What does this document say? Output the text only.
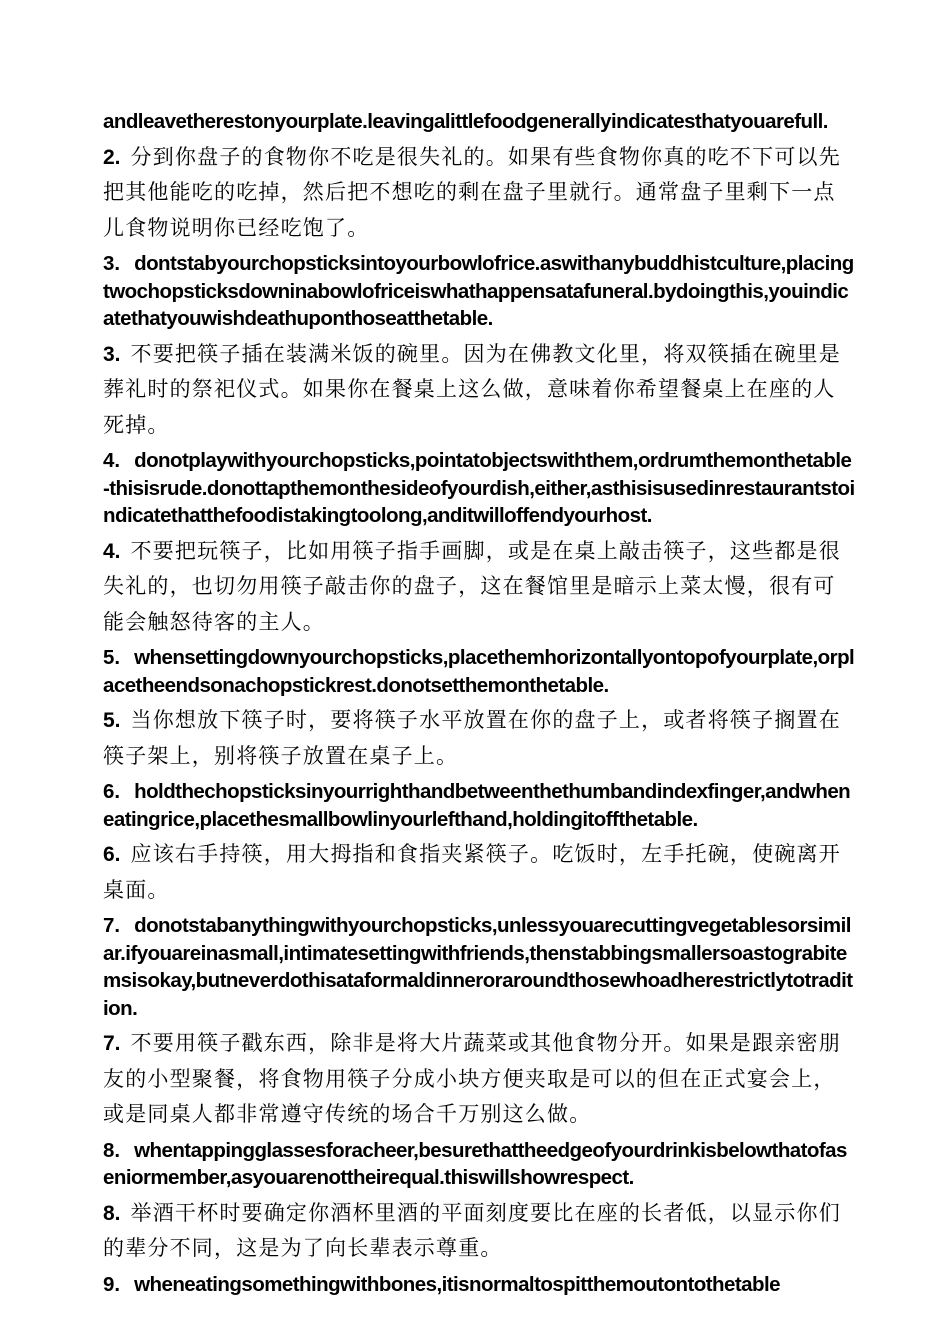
andleavetherestonyourplate.leavingalittlefoodgenerallyindicatesthatyouarefull.

2. 分到你盘子的食物你不吃是很失礼的。如果有些食物你真的吃不下可以先把其他能吃的吃掉，然后把不想吃的剩在盘子里就行。通常盘子里剩下一点儿食物说明你已经吃饱了。

3. dontstabyourchopsticksintoyourbowlofrice.aswithanybuddhistculture,placingtwochopsticksdowninabowlofriceiswhathappensatafuneral.bydoingthis,youindicatethatyouwishdeathuponthoseatthetable.

3. 不要把筷子插在装满米饭的碗里。因为在佛教文化里，将双筷插在碗里是葬礼时的祭祀仪式。如果你在餐桌上这么做，意味着你希望餐桌上在座的人死掉。

4. donotplaywithyourchopsticks,pointatobjectswiththem,ordrumthemonthetable-thisisrude.donottapthemonthesideofyourdish,either,asthisisusedinrestaurantstoindicatethatthefoodistakingtoolong,anditwilloffendyourhost.

4. 不要把玩筷子，比如用筷子指手画脚，或是在桌上敲击筷子，这些都是很失礼的，也切勿用筷子敲击你的盘子，这在餐馆里是暗示上菜太慢，很有可能会触怒待客的主人。

5. whensettingdownyourchopsticks,placethemhorizontallyontopofyourplate,orplacetheendsonachopstickrest.donotsetthemonthetable.

5. 当你想放下筷子时，要将筷子水平放置在你的盘子上，或者将筷子搁置在筷子架上，别将筷子放置在桌子上。

6. holdthechopsticksinyourrighthandbetweenthethumbandindexfinger,andwheneatingrice,placethesmallbowlinyourlefthand,holdingitoffthetable.

6. 应该右手持筷，用大拇指和食指夹紧筷子。吃饭时，左手托碗，使碗离开桌面。

7. donotstabanythingwithyourchopsticks,unlessyouarecuttingvegetablesorsimilar.ifyouareinasmall,intimatesettingwithfriends,thenstabbingsmallersoastograbitemsisokay,butneverdothisataformaldinneroraroundthosewhoadherestrictlytotradition.

7. 不要用筷子戳东西，除非是将大片蔬菜或其他食物分开。如果是跟亲密朋友的小型聚餐，将食物用筷子分成小块方便夹取是可以的但在正式宴会上，或是同桌人都非常遵守传统的场合千万别这么做。

8. whentappingglassesforacheer,besurethattheedgeofyourdrinkisbelowthatofaseniormember,asyouarenottheirequal.thiswillshowrespect.

8. 举酒干杯时要确定你酒杯里酒的平面刻度要比在座的长者低，以显示你们的辈分不同，这是为了向长辈表示尊重。

9. wheneatingsomethingwithbones,itisnormaltospitthemoutontothetable
